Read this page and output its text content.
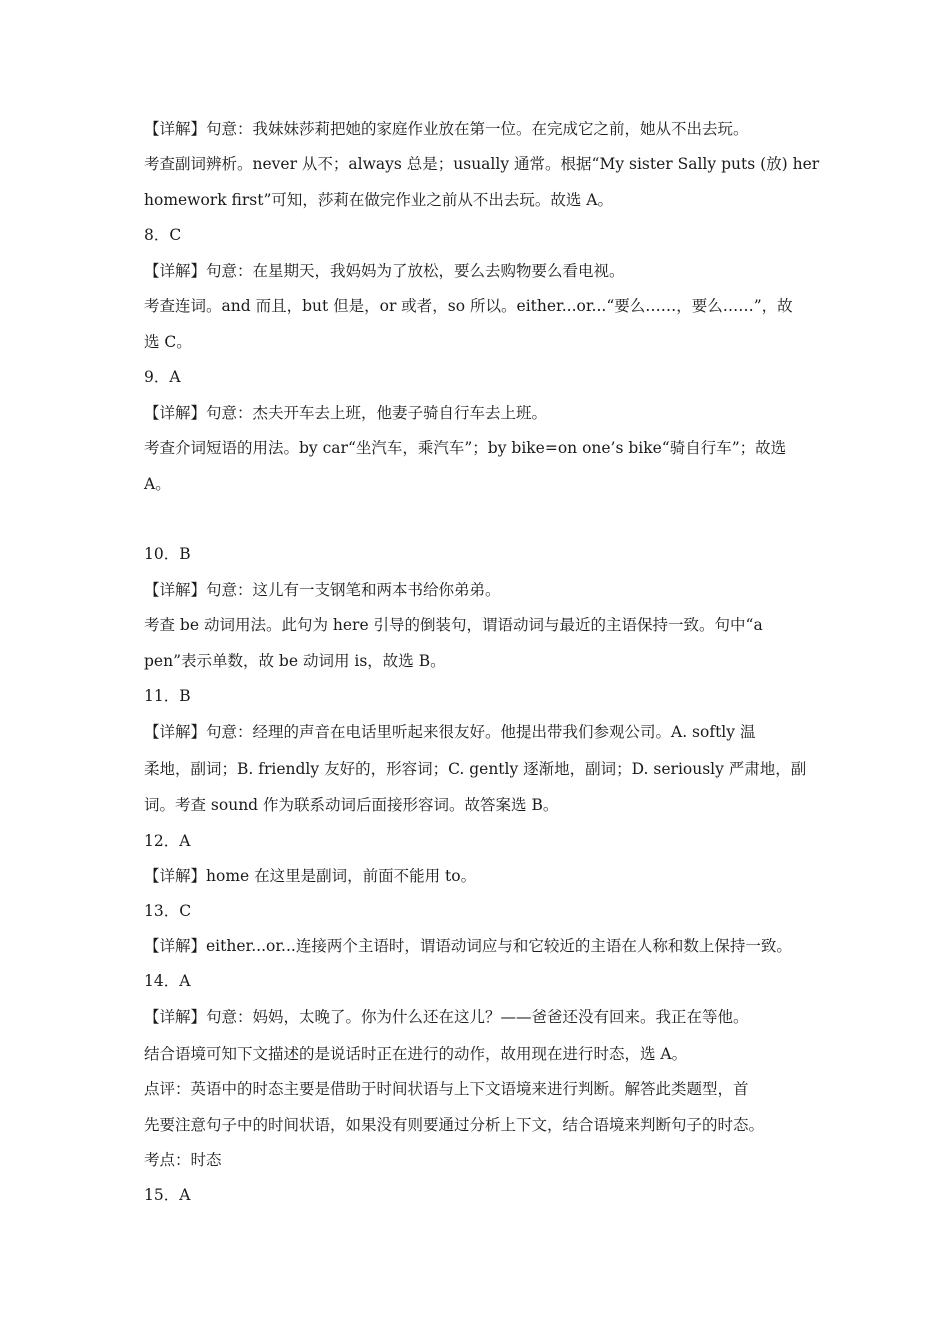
【详解】句意：我妹妹莎莉把她的家庭作业放在第一位。在完成它之前，她从不出去玩。
考查副词辨析。never 从不；always 总是；usually 通常。根据“My sister Sally puts (放) her
homework first”可知，莎莉在做完作业之前从不出去玩。故选 A。
8．C
【详解】句意：在星期天，我妈妈为了放松，要么去购物要么看电视。
考查连词。and 而且，but 但是，or 或者，so 所以。either...or...“要么……，要么……”，故
选 C。
9．A
【详解】句意：杰夫开车去上班，他妻子骑自行车去上班。
考查介词短语的用法。by car“坐汽车，乘汽车”；by bike=on one’s bike“骑自行车”；故选
A。
10．B
【详解】句意：这儿有一支钢笔和两本书给你弟弟。
考查 be 动词用法。此句为 here 引导的倒装句，谓语动词与最近的主语保持一致。句中“a
pen”表示单数，故 be 动词用 is，故选 B。
11．B
【详解】句意：经理的声音在电话里听起来很友好。他提出带我们参观公司。A. softly 温
柔地，副词；B. friendly 友好的，形容词；C. gently 逐渐地，副词；D. seriously 严肃地，副
词。考查 sound 作为联系动词后面接形容词。故答案选 B。
12．A
【详解】home 在这里是副词，前面不能用 to。
13．C
【详解】either...or...连接两个主语时，谓语动词应与和它较近的主语在人称和数上保持一致。
14．A
【详解】句意：妈妈，太晚了。你为什么还在这儿？——爸爸还没有回来。我正在等他。
结合语境可知下文描述的是说话时正在进行的动作，故用现在进行时态，选 A。
点评：英语中的时态主要是借助于时间状语与上下文语境来进行判断。解答此类题型，首
先要注意句子中的时间状语，如果没有则要通过分析上下文，结合语境来判断句子的时态。
考点：时态
15．A
